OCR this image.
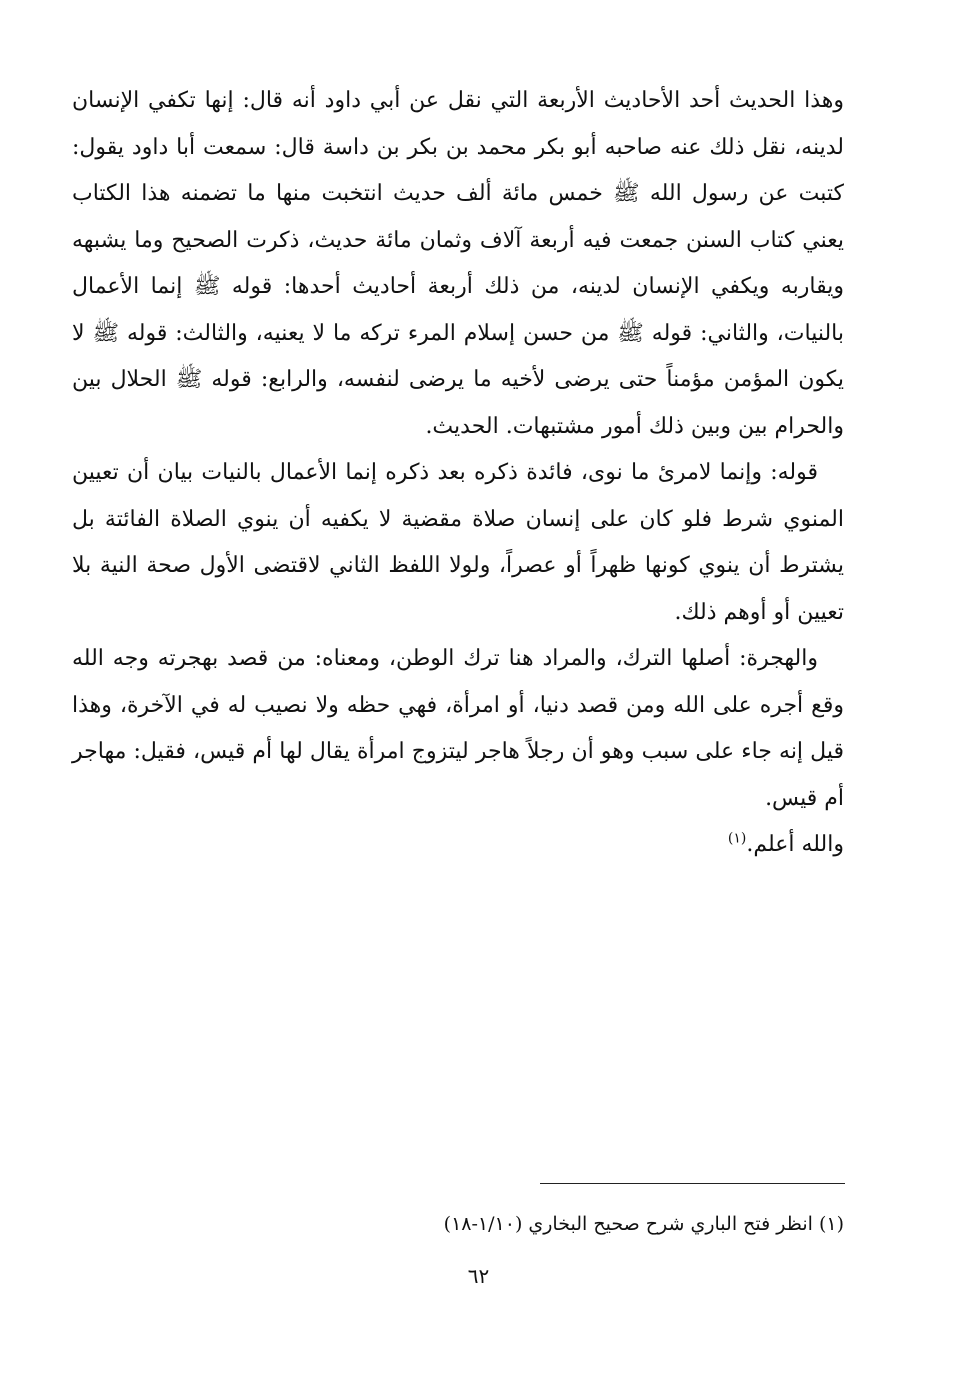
وهذا الحديث أحد الأحاديث الأربعة التي نقل عن أبي داود أنه قال: إنها تكفي الإنسان لدينه، نقل ذلك عنه صاحبه أبو بكر محمد بن بكر بن داسة قال: سمعت أبا داود يقول: كتبت عن رسول الله ﷺ خمس مائة ألف حديث انتخبت منها ما تضمنه هذا الكتاب يعني كتاب السنن جمعت فيه أربعة آلاف وثمان مائة حديث، ذكرت الصحيح وما يشبهه ويقاربه ويكفي الإنسان لدينه، من ذلك أربعة أحاديث أحدها: قوله ﷺ إنما الأعمال بالنيات، والثاني: قوله ﷺ من حسن إسلام المرء تركه ما لا يعنيه، والثالث: قوله ﷺ لا يكون المؤمن مؤمناً حتى يرضى لأخيه ما يرضى لنفسه، والرابع: قوله ﷺ الحلال بين والحرام بين وبين ذلك أمور مشتبهات. الحديث.

قوله: وإنما لامرئ ما نوى، فائدة ذكره بعد ذكره إنما الأعمال بالنيات بيان أن تعيين المنوي شرط فلو كان على إنسان صلاة مقضية لا يكفيه أن ينوي الصلاة الفائتة بل يشترط أن ينوي كونها ظهراً أو عصراً، ولولا اللفظ الثاني لاقتضى الأول صحة النية بلا تعيين أو أوهم ذلك.

والهجرة: أصلها الترك، والمراد هنا ترك الوطن، ومعناه: من قصد بهجرته وجه الله وقع أجره على الله ومن قصد دنيا، أو امرأة، فهي حظه ولا نصيب له في الآخرة، وهذا قيل إنه جاء على سبب وهو أن رجلاً هاجر ليتزوج امرأة يقال لها أم قيس، فقيل: مهاجر أم قيس.

والله أعلم.$^{(١)}$

(١) انظر فتح الباري شرح صحيح البخاري (١/١٠-١٨)
٦٢
